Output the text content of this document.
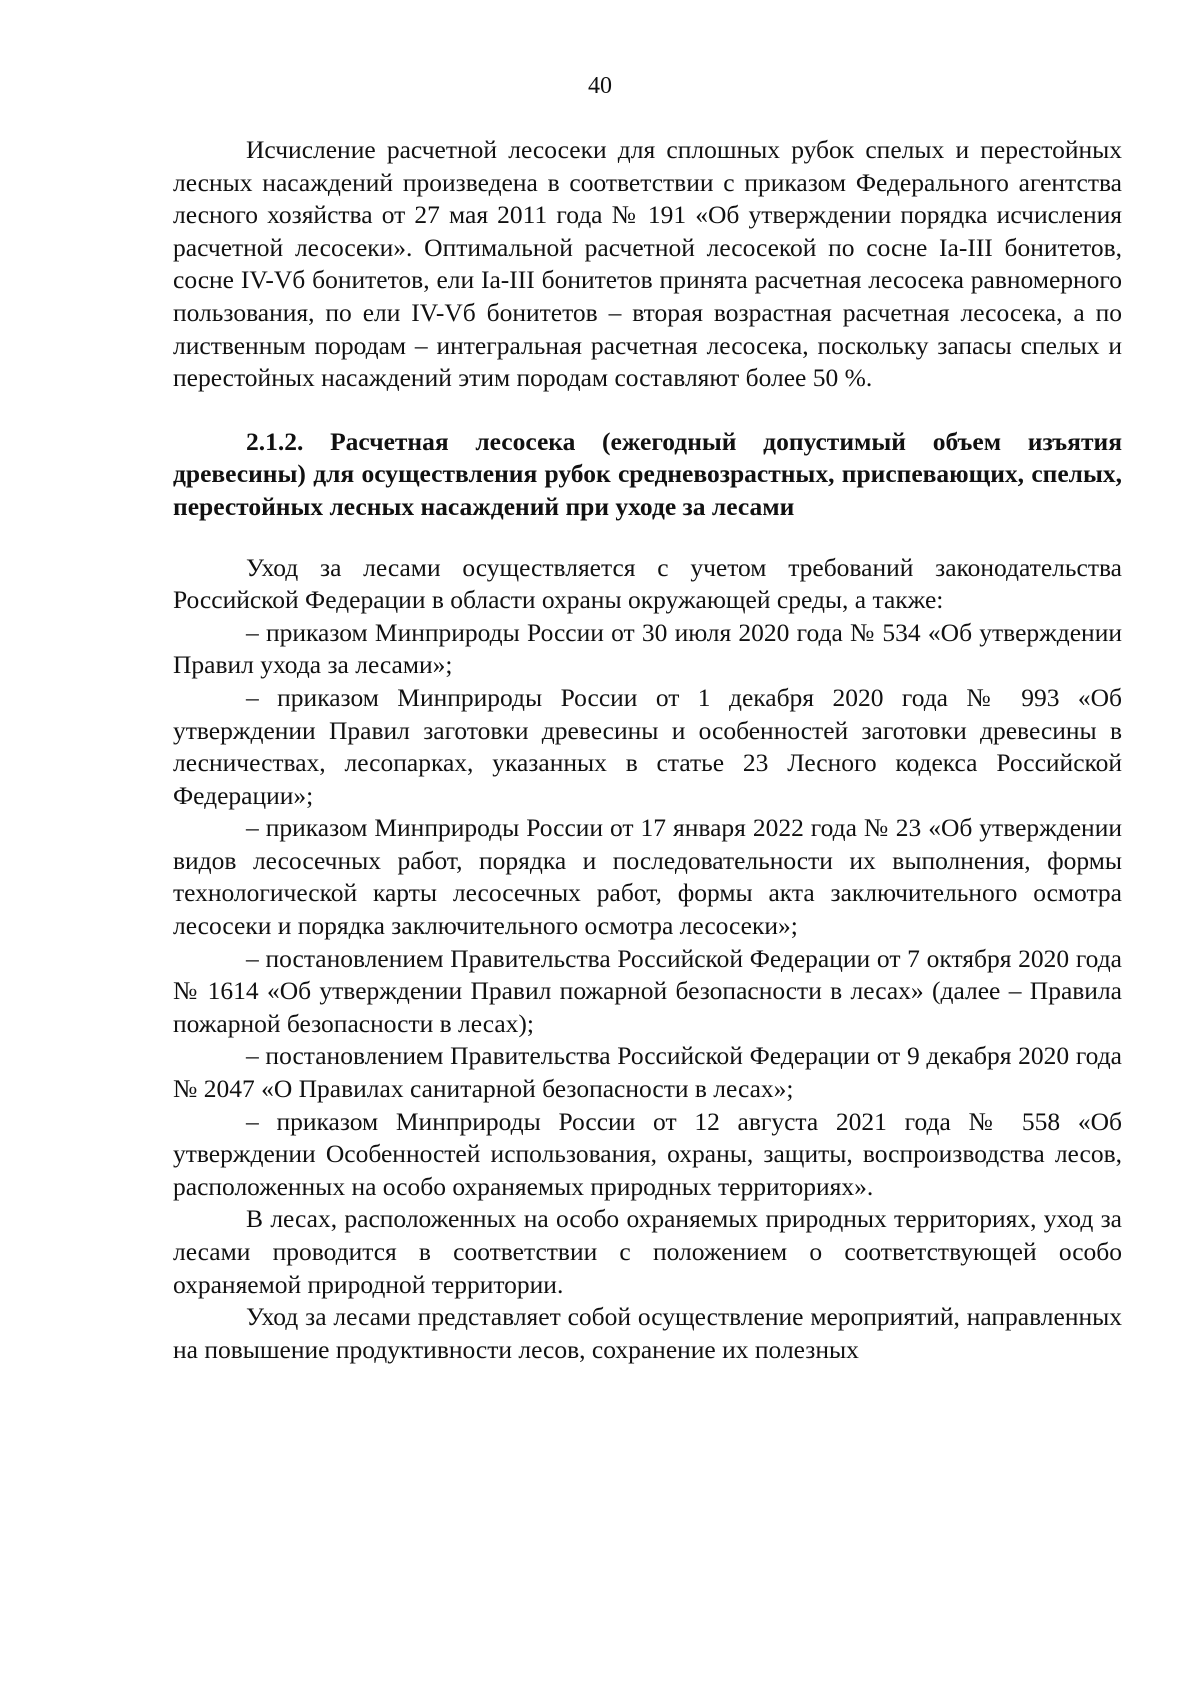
40

Исчисление расчетной лесосеки для сплошных рубок спелых и перестойных лесных насаждений произведена в соответствии с приказом Федерального агентства лесного хозяйства от 27 мая 2011 года № 191 «Об утверждении порядка исчисления расчетной лесосеки». Оптимальной расчетной лесосекой по сосне Ia-III бонитетов, сосне IV-Vб бонитетов, ели Ia-III бонитетов принята расчетная лесосека равномерного пользования, по ели IV-Vб бонитетов – вторая возрастная расчетная лесосека, а по лиственным породам – интегральная расчетная лесосека, поскольку запасы спелых и перестойных насаждений этим породам составляют более 50 %.

2.1.2. Расчетная лесосека (ежегодный допустимый объем изъятия древесины) для осуществления рубок средневозрастных, приспевающих, спелых, перестойных лесных насаждений при уходе за лесами

Уход за лесами осуществляется с учетом требований законодательства Российской Федерации в области охраны окружающей среды, а также:

– приказом Минприроды России от 30 июля 2020 года № 534 «Об утверждении Правил ухода за лесами»;

– приказом Минприроды России от 1 декабря 2020 года № 993 «Об утверждении Правил заготовки древесины и особенностей заготовки древесины в лесничествах, лесопарках, указанных в статье 23 Лесного кодекса Российской Федерации»;

– приказом Минприроды России от 17 января 2022 года № 23 «Об утверждении видов лесосечных работ, порядка и последовательности их выполнения, формы технологической карты лесосечных работ, формы акта заключительного осмотра лесосеки и порядка заключительного осмотра лесосеки»;

– постановлением Правительства Российской Федерации от 7 октября 2020 года № 1614 «Об утверждении Правил пожарной безопасности в лесах» (далее – Правила пожарной безопасности в лесах);

– постановлением Правительства Российской Федерации от 9 декабря 2020 года № 2047 «О Правилах санитарной безопасности в лесах»;

– приказом Минприроды России от 12 августа 2021 года № 558 «Об утверждении Особенностей использования, охраны, защиты, воспроизводства лесов, расположенных на особо охраняемых природных территориях».

В лесах, расположенных на особо охраняемых природных территориях, уход за лесами проводится в соответствии с положением о соответствующей особо охраняемой природной территории.

Уход за лесами представляет собой осуществление мероприятий, направленных на повышение продуктивности лесов, сохранение их полезных
